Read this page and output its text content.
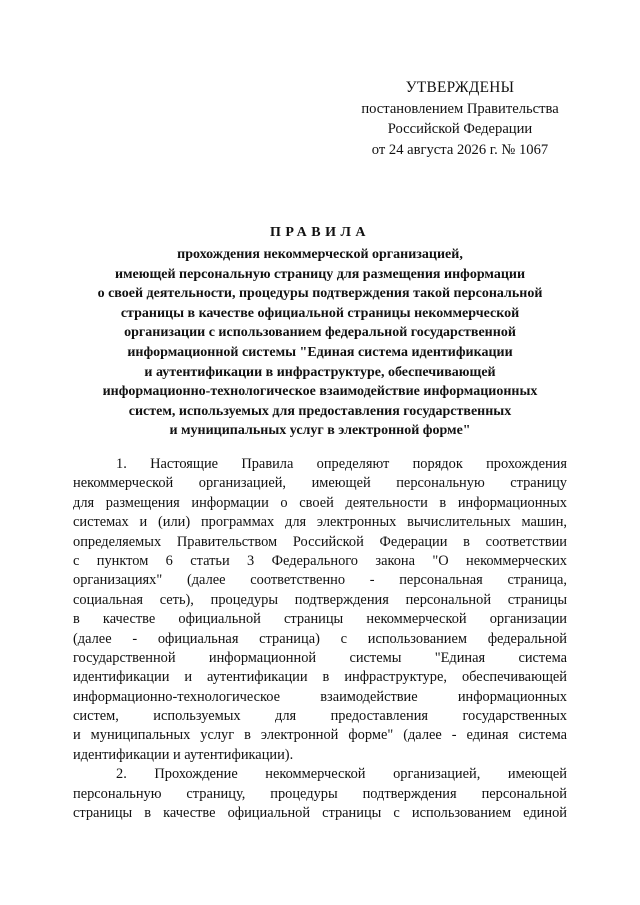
УТВЕРЖДЕНЫ
постановлением Правительства
Российской Федерации
от 24 августа 2026 г. № 1067
ПРАВИЛА
прохождения некоммерческой организацией,
имеющей персональную страницу для размещения информации
о своей деятельности, процедуры подтверждения такой персональной
страницы в качестве официальной страницы некоммерческой
организации с использованием федеральной государственной
информационной системы "Единая система идентификации
и аутентификации в инфраструктуре, обеспечивающей
информационно-технологическое взаимодействие информационных
систем, используемых для предоставления государственных
и муниципальных услуг в электронной форме"
1. Настоящие Правила определяют порядок прохождения
некоммерческой организацией, имеющей персональную страницу
для размещения информации о своей деятельности в информационных
системах и (или) программах для электронных вычислительных машин,
определяемых Правительством Российской Федерации в соответствии
с пунктом 6 статьи 3 Федерального закона "О некоммерческих
организациях" (далее соответственно - персональная страница,
социальная сеть), процедуры подтверждения персональной страницы
в качестве официальной страницы некоммерческой организации
(далее - официальная страница) с использованием федеральной
государственной информационной системы "Единая система
идентификации и аутентификации в инфраструктуре, обеспечивающей
информационно-технологическое взаимодействие информационных
систем, используемых для предоставления государственных
и муниципальных услуг в электронной форме" (далее - единая система
идентификации и аутентификации).
2. Прохождение некоммерческой организацией, имеющей
персональную страницу, процедуры подтверждения персональной
страницы в качестве официальной страницы с использованием единой
